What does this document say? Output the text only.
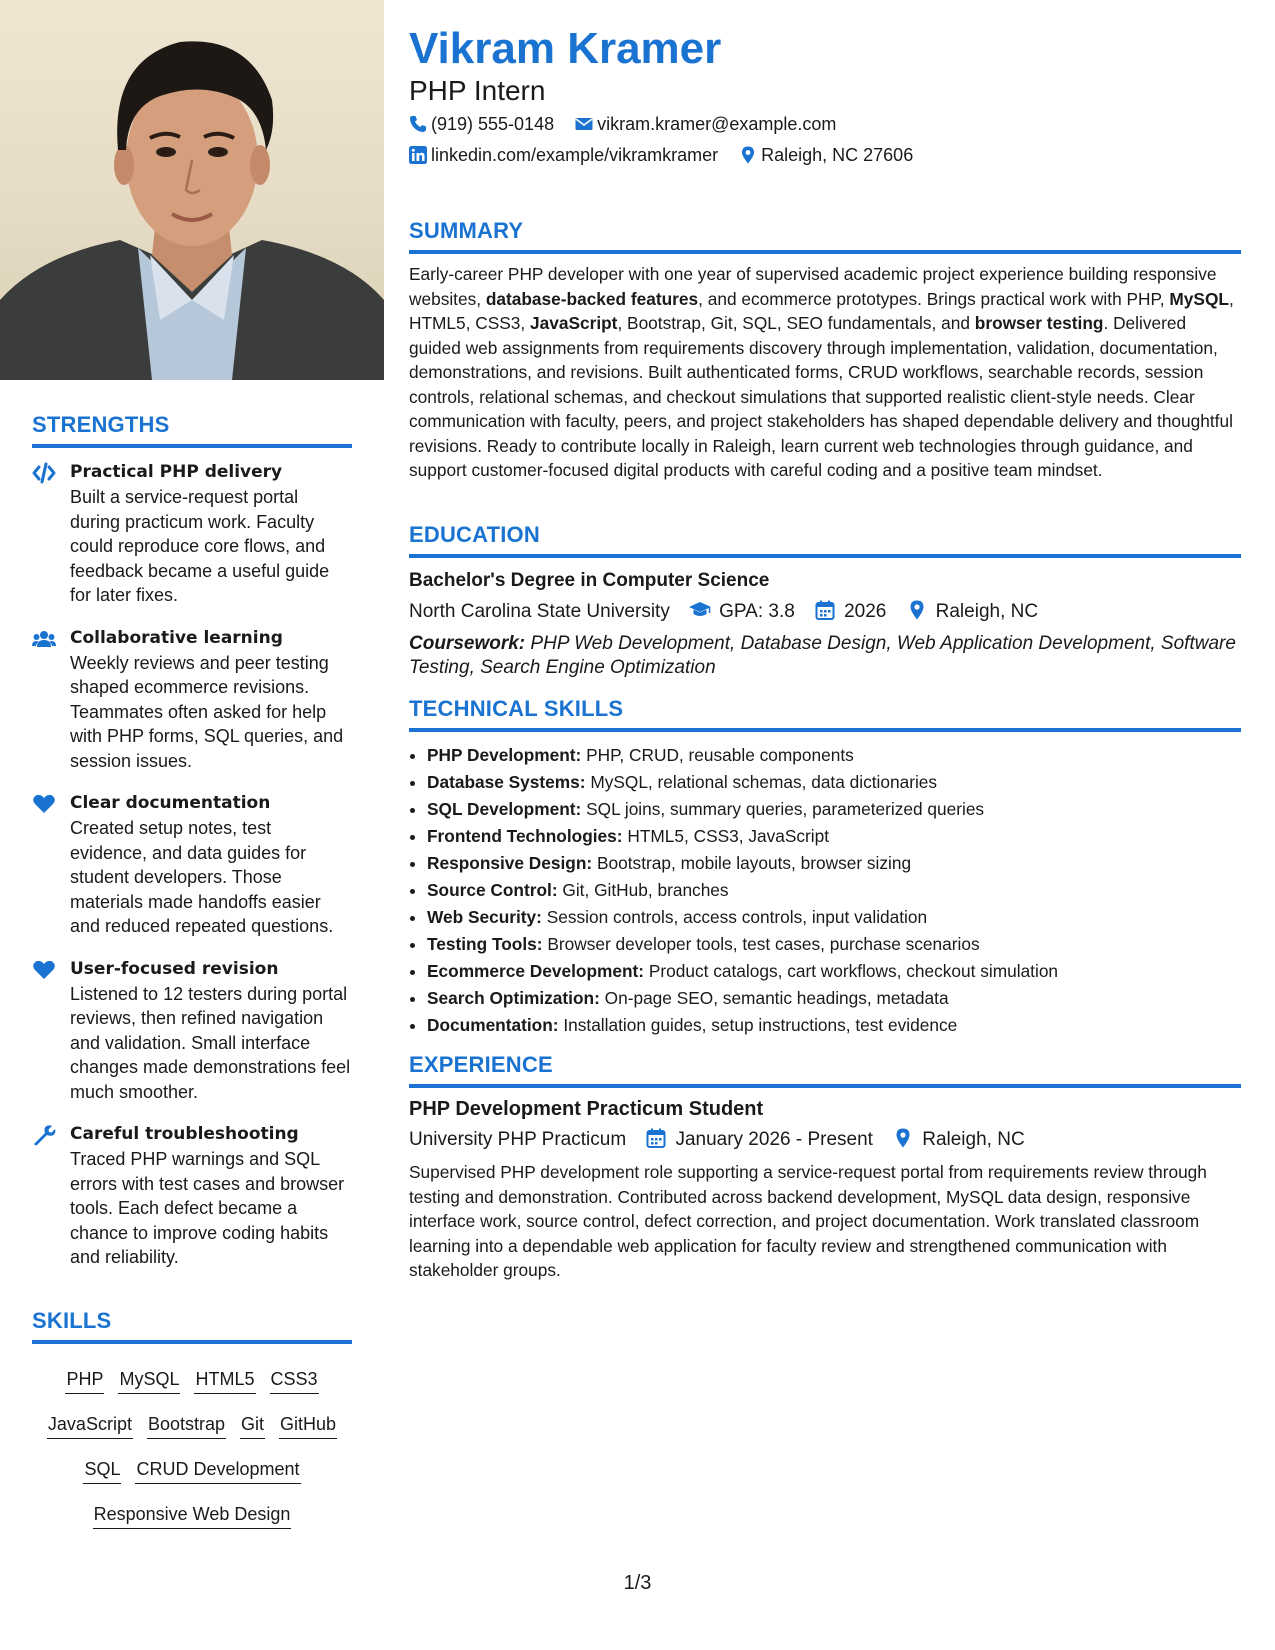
STRENGTHS
Practical PHP delivery
Built a service-request portal during practicum work. Faculty could reproduce core flows, and feedback became a useful guide for later fixes.
Collaborative learning
Weekly reviews and peer testing shaped ecommerce revisions. Teammates often asked for help with PHP forms, SQL queries, and session issues.
Clear documentation
Created setup notes, test evidence, and data guides for student developers. Those materials made handoffs easier and reduced repeated questions.
User-focused revision
Listened to 12 testers during portal reviews, then refined navigation and validation. Small interface changes made demonstrations feel much smoother.
Careful troubleshooting
Traced PHP warnings and SQL errors with test cases and browser tools. Each defect became a chance to improve coding habits and reliability.
SKILLS
PHP MySQL HTML5 CSS3
JavaScript Bootstrap Git GitHub
SQL CRUD Development
Responsive Web Design
Vikram Kramer
PHP Intern
(919) 555-0148 vikram.kramer@example.com
linkedin.com/example/vikramkramer Raleigh, NC 27606
SUMMARY
Early-career PHP developer with one year of supervised academic project experience building responsive websites, database-backed features, and ecommerce prototypes. Brings practical work with PHP, MySQL, HTML5, CSS3, JavaScript, Bootstrap, Git, SQL, SEO fundamentals, and browser testing. Delivered guided web assignments from requirements discovery through implementation, validation, documentation, demonstrations, and revisions. Built authenticated forms, CRUD workflows, searchable records, session controls, relational schemas, and checkout simulations that supported realistic client-style needs. Clear communication with faculty, peers, and project stakeholders has shaped dependable delivery and thoughtful revisions. Ready to contribute locally in Raleigh, learn current web technologies through guidance, and support customer-focused digital products with careful coding and a positive team mindset.
EDUCATION
Bachelor's Degree in Computer Science
North Carolina State University	GPA: 3.8	2026	Raleigh, NC
Coursework: PHP Web Development, Database Design, Web Application Development, Software Testing, Search Engine Optimization
TECHNICAL SKILLS
• PHP Development: PHP, CRUD, reusable components
• Database Systems: MySQL, relational schemas, data dictionaries
• SQL Development: SQL joins, summary queries, parameterized queries
• Frontend Technologies: HTML5, CSS3, JavaScript
• Responsive Design: Bootstrap, mobile layouts, browser sizing
• Source Control: Git, GitHub, branches
• Web Security: Session controls, access controls, input validation
• Testing Tools: Browser developer tools, test cases, purchase scenarios
• Ecommerce Development: Product catalogs, cart workflows, checkout simulation
• Search Optimization: On-page SEO, semantic headings, metadata
• Documentation: Installation guides, setup instructions, test evidence
EXPERIENCE
PHP Development Practicum Student
University PHP Practicum	January 2026 - Present	Raleigh, NC
Supervised PHP development role supporting a service-request portal from requirements review through testing and demonstration. Contributed across backend development, MySQL data design, responsive interface work, source control, defect correction, and project documentation. Work translated classroom learning into a dependable web application for faculty review and strengthened communication with stakeholder groups.
1/3
